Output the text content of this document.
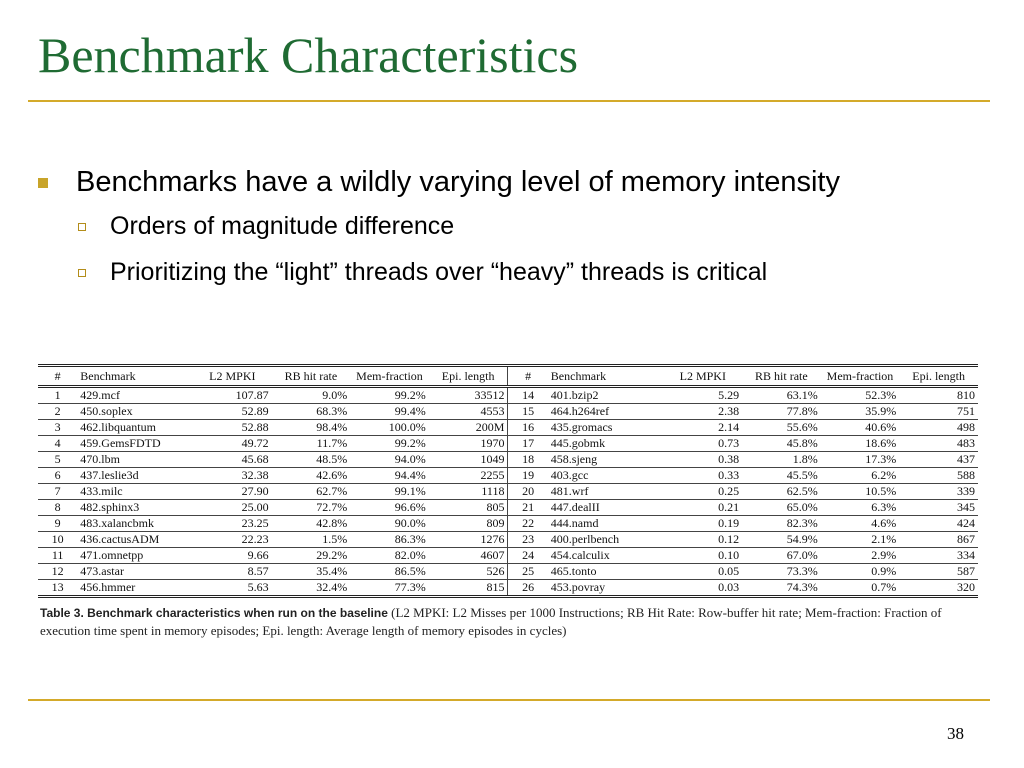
Benchmark Characteristics
Benchmarks have a wildly varying level of memory intensity
Orders of magnitude difference
Prioritizing the “light” threads over “heavy” threads is critical
#	Benchmark	L2 MPKI	RB hit rate	Mem-fraction	Epi. length	#	Benchmark	L2 MPKI	RB hit rate	Mem-fraction	Epi. length
1	429.mcf	107.87	9.0%	99.2%	33512	14	401.bzip2	5.29	63.1%	52.3%	810
2	450.soplex	52.89	68.3%	99.4%	4553	15	464.h264ref	2.38	77.8%	35.9%	751
3	462.libquantum	52.88	98.4%	100.0%	200M	16	435.gromacs	2.14	55.6%	40.6%	498
4	459.GemsFDTD	49.72	11.7%	99.2%	1970	17	445.gobmk	0.73	45.8%	18.6%	483
5	470.lbm	45.68	48.5%	94.0%	1049	18	458.sjeng	0.38	1.8%	17.3%	437
6	437.leslie3d	32.38	42.6%	94.4%	2255	19	403.gcc	0.33	45.5%	6.2%	588
7	433.milc	27.90	62.7%	99.1%	1118	20	481.wrf	0.25	62.5%	10.5%	339
8	482.sphinx3	25.00	72.7%	96.6%	805	21	447.dealII	0.21	65.0%	6.3%	345
9	483.xalancbmk	23.25	42.8%	90.0%	809	22	444.namd	0.19	82.3%	4.6%	424
10	436.cactusADM	22.23	1.5%	86.3%	1276	23	400.perlbench	0.12	54.9%	2.1%	867
11	471.omnetpp	9.66	29.2%	82.0%	4607	24	454.calculix	0.10	67.0%	2.9%	334
12	473.astar	8.57	35.4%	86.5%	526	25	465.tonto	0.05	73.3%	0.9%	587
13	456.hmmer	5.63	32.4%	77.3%	815	26	453.povray	0.03	74.3%	0.7%	320
Table 3. Benchmark characteristics when run on the baseline (L2 MPKI: L2 Misses per 1000 Instructions; RB Hit Rate: Row-buffer hit rate; Mem-fraction: Fraction of execution time spent in memory episodes; Epi. length: Average length of memory episodes in cycles)
38
